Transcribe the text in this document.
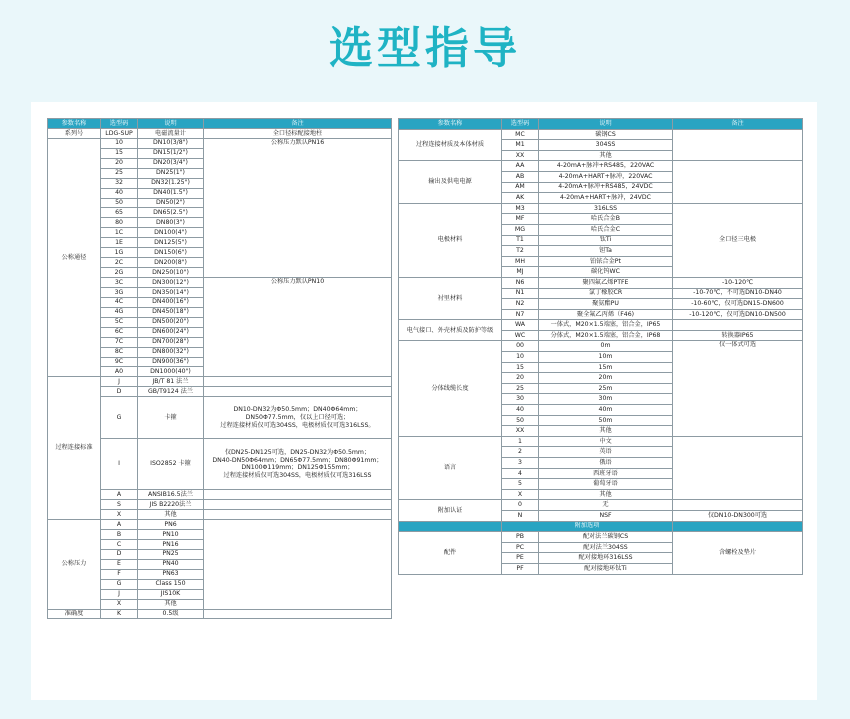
选型指导
参数名称	选型码	说明	备注
系列号	LDG-SUP	电磁流量计	全口径标配接地柱
公称通径	10	DN10(3/8")	公称压力默认PN16
	15	DN15(1/2")	
	20	DN20(3/4")	
	25	DN25(1")	
	32	DN32(1.25")	
	40	DN40(1.5")	
	50	DN50(2")	
	65	DN65(2.5")	
	80	DN80(3")	
	1C	DN100(4")	
	1E	DN125(5")	
	1G	DN150(6")	
	2C	DN200(8")	
	2G	DN250(10")	
	3C	DN300(12")	公称压力默认PN10
	3G	DN350(14")	
	4C	DN400(16")	
	4G	DN450(18")	
	5C	DN500(20")	
	6C	DN600(24")	
	7C	DN700(28")	
	8C	DN800(32")	
	9C	DN900(36")	
	A0	DN1000(40")	
过程连接标准	J	JB/T 81 法兰	
	D	GB/T9124 法兰	
	G	卡箍	DN10-DN32为Φ50.5mm；DN40Φ64mm；
DN50Φ77.5mm，仅以上口径可选；
过程连接材质仅可选304SS，电极材质仅可选316LSS。

	I	ISO2852 卡箍	仅DN25-DN125可选，DN25-DN32为Φ50.5mm；
DN40-DN50Φ64mm；DN65Φ77.5mm；DN80Φ91mm；
DN100Φ119mm；DN125Φ155mm；
过程连接材质仅可选304SS，电极材质仅可选316LSS

	A	ANSIB16.5法兰	
	S	JIS B2220法兰	
	X	其他	
公称压力	A	PN6	
	B	PN10	
	C	PN16	
	D	PN25	
	E	PN40	
	F	PN63	
	G	Class 150	
	J	JIS10K	
	X	其他	
准确度	K	0.5级	
参数名称	选型码	说明	备注
过程连接材质及本体材质	MC	碳钢CS	
	M1	304SS	
	XX	其他	
输出及供电电源	AA	4-20mA+脉冲+RS485，220VAC	
	AB	4-20mA+HART+脉冲，220VAC	
	AM	4-20mA+脉冲+RS485，24VDC	
	AK	4-20mA+HART+脉冲，24VDC	
电极材料	M3	316LSS	全口径三电极
	MF	哈氏合金B	
	MG	哈氏合金C	
	T1	钛Ti	
	T2	钽Ta	
	MH	铂铱合金Pt	
	MJ	碳化钨WC	
衬里材料	N6	聚四氟乙烯PTFE	-10-120℃
	N1	氯丁橡胶CR	-10-70℃，不可选DN10-DN40
	N2	聚氨酯PU	-10-60℃，仅可选DN15-DN600
	N7	聚全氟乙丙烯（F46)	-10-120℃，仅可选DN10-DN500
电气接口、外壳材质及防护等级	WA	一体式，M20×1.5端塞，铝合金，IP65	
	WC	分体式，M20×1.5端塞，铝合金，IP68	转换器IP65
分体线缆长度	00	0m	仅一体式可选
	10	10m	
	15	15m	
	20	20m	
	25	25m	
	30	30m	
	40	40m	
	50	50m	
	XX	其他	
语言	1	中文	
	2	英语	
	3	俄语	
	4	西班牙语	
	5	葡萄牙语	
	X	其他	
附加认证	0	无	
	N	NSF	仅DN10-DN300可选
	附加选项		
配件	PB	配对法兰碳钢CS	含螺栓及垫片
	PC	配对法兰304SS	
	PE	配对接地环316LSS	
	PF	配对接地环钛Ti	
